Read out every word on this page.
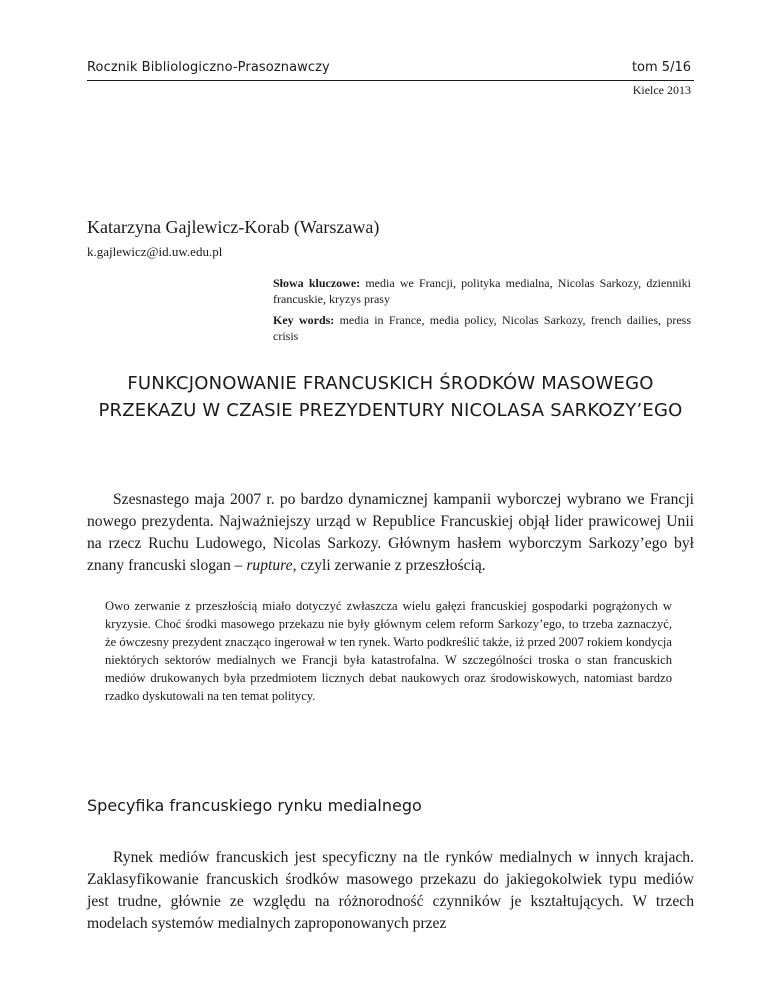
Rocznik Bibliologiczno-Prasoznawczy	tom 5/16
Kielce 2013
Katarzyna Gajlewicz-Korab (Warszawa)
k.gajlewicz@id.uw.edu.pl
Słowa kluczowe: media we Francji, polityka medialna, Nicolas Sarkozy, dzienniki francuskie, kryzys prasy
Key words: media in France, media policy, Nicolas Sarkozy, french dailies, press crisis
FUNKCJONOWANIE FRANCUSKICH ŚRODKÓW MASOWEGO
PRZEKAZU W CZASIE PREZYDENTURY NICOLASA SARKOZY’EGO
Szesnastego maja 2007 r. po bardzo dynamicznej kampanii wyborczej wybrano we Francji nowego prezydenta. Najważniejszy urząd w Republice Francuskiej objął lider prawicowej Unii na rzecz Ruchu Ludowego, Nicolas Sarkozy. Głównym hasłem wyborczym Sarkozy’ego był znany francuski slogan – rupture, czyli zerwanie z przeszłością.
Owo zerwanie z przeszłością miało dotyczyć zwłaszcza wielu gałęzi francuskiej gospodarki pogrążonych w kryzysie. Choć środki masowego przekazu nie były głównym celem reform Sarkozy’ego, to trzeba zaznaczyć, że ówczesny prezydent znacząco ingerował w ten rynek. Warto podkreślić także, iż przed 2007 rokiem kondycja niektórych sektorów medialnych we Francji była katastrofalna. W szczególności troska o stan francuskich mediów drukowanych była przedmiotem licznych debat naukowych oraz środowiskowych, natomiast bardzo rzadko dyskutowali na ten temat politycy.
Specyfika francuskiego rynku medialnego
Rynek mediów francuskich jest specyficzny na tle rynków medialnych w innych krajach. Zaklasyfikowanie francuskich środków masowego przekazu do jakiegokolwiek typu mediów jest trudne, głównie ze względu na różnorodność czynników je kształtujących. W trzech modelach systemów medialnych zaproponowanych przez
